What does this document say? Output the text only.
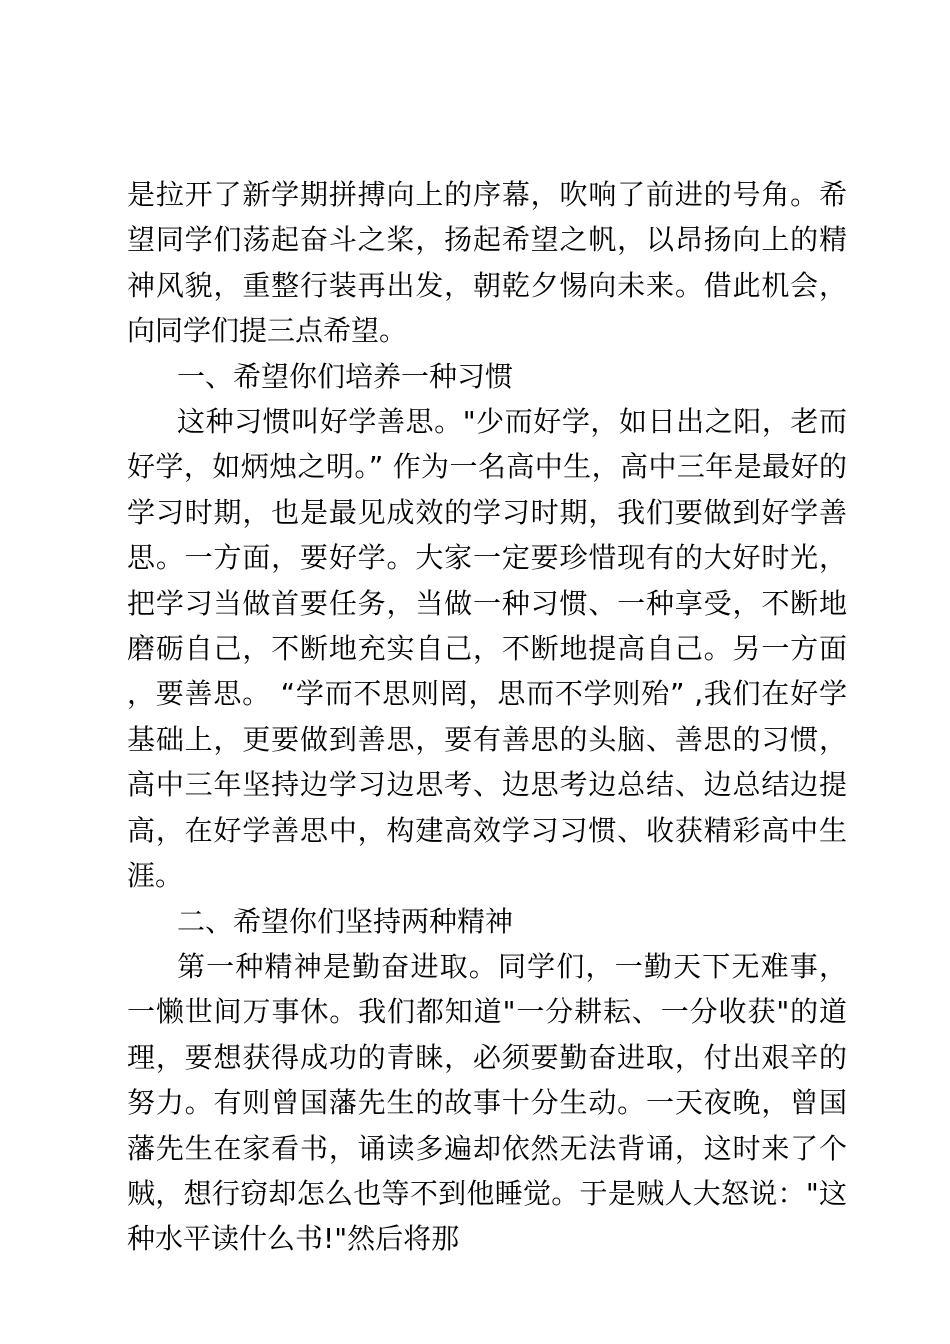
是拉开了新学期拼搏向上的序幕，吹响了前进的号角。希望同学们荡起奋斗之桨，扬起希望之帆，以昂扬向上的精神风貌，重整行装再出发，朝乾夕惕向未来。借此机会，向同学们提三点希望。

一、希望你们培养一种习惯

这种习惯叫好学善思。"少而好学，如日出之阳，老而好学，如炳烛之明。” 作为一名高中生，高中三年是最好的学习时期，也是最见成效的学习时期，我们要做到好学善思。一方面，要好学。大家一定要珍惜现有的大好时光，把学习当做首要任务，当做一种习惯、一种享受，不断地磨砺自己，不断地充实自己，不断地提高自己。另一方面，要善思。 “学而不思则罔，思而不学则殆” ,我们在好学基础上，更要做到善思，要有善思的头脑、善思的习惯，高中三年坚持边学习边思考、边思考边总结、边总结边提高，在好学善思中，构建高效学习习惯、收获精彩高中生涯。

二、希望你们坚持两种精神

第一种精神是勤奋进取。同学们，一勤天下无难事，一懒世间万事休。我们都知道"一分耕耘、一分收获"的道理，要想获得成功的青睐，必须要勤奋进取，付出艰辛的努力。有则曾国藩先生的故事十分生动。一天夜晚，曾国藩先生在家看书，诵读多遍却依然无法背诵，这时来了个贼，想行窃却怎么也等不到他睡觉。于是贼人大怒说："这种水平读什么书!"然后将那
